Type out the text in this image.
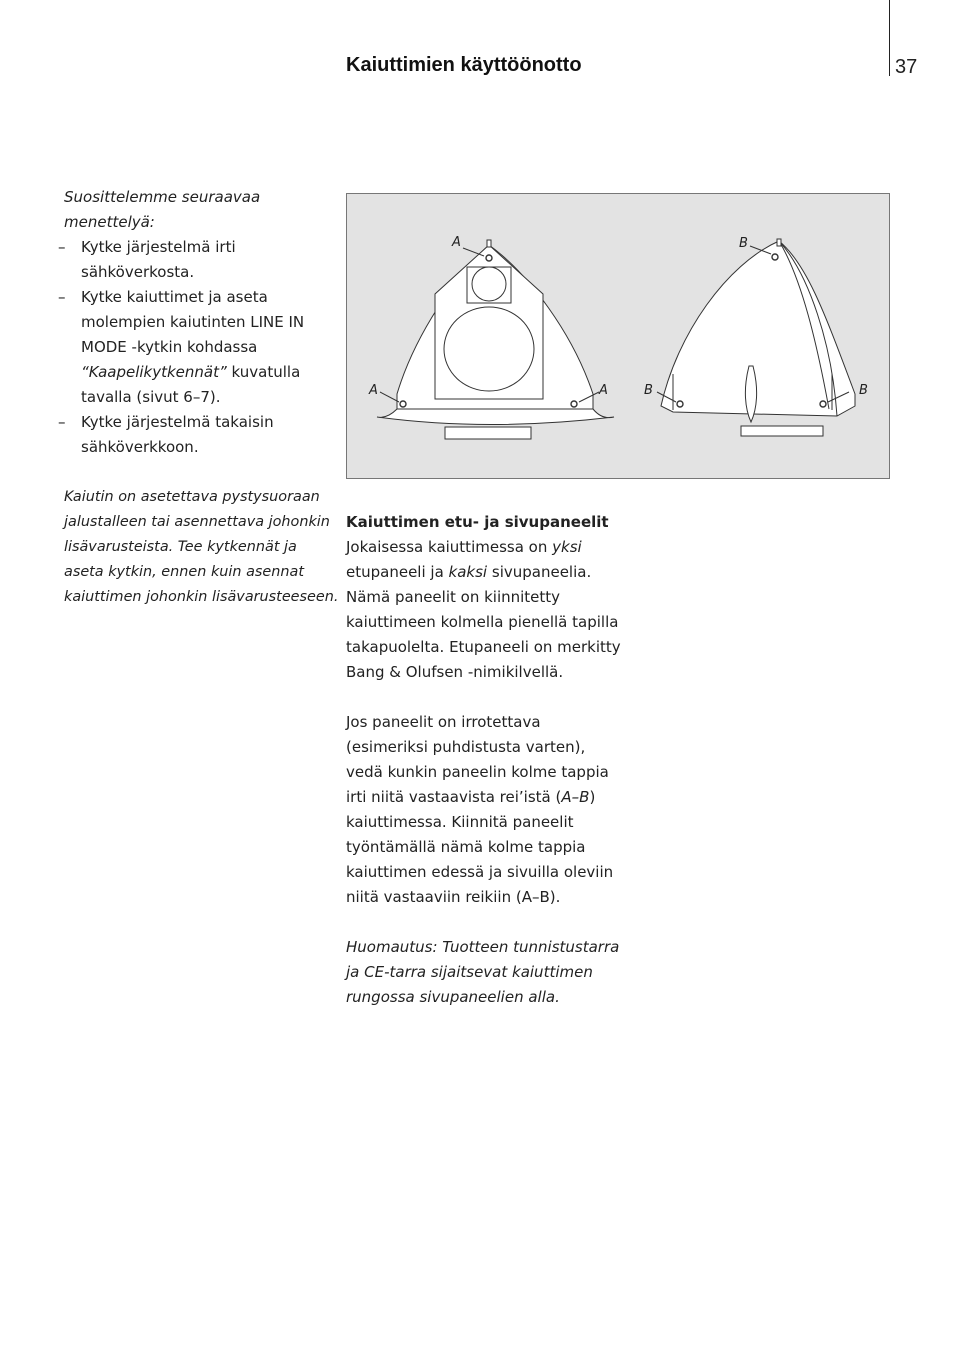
Kaiuttimien käyttöönotto	37

Suosittelemme seuraavaa menettelyä:

– Kytke järjestelmä irti sähköverkosta.
– Kytke kaiuttimet ja aseta molempien kaiutinten LINE IN MODE -kytkin kohdassa “Kaapelikytkennät” kuvatulla tavalla (sivut 6–7).
– Kytke järjestelmä takaisin sähköverkkoon.

Kaiutin on asetettava pystysuoraan jalustalleen tai asennettava johonkin lisävarusteista. Tee kytkennät ja aseta kytkin, ennen kuin asennat kaiuttimen johonkin lisävarusteeseen.

A
A	A
B
B	B
Kaiuttimen etu- ja sivupaneelit

Jokaisessa kaiuttimessa on yksi etupaneeli ja kaksi sivupaneelia. Nämä paneelit on kiinnitetty kaiuttimeen kolmella pienellä tapilla takapuolelta. Etupaneeli on merkitty Bang & Olufsen -nimikilvellä.

Jos paneelit on irrotettava (esimeriksi puhdistusta varten), vedä kunkin paneelin kolme tappia irti niitä vastaavista rei’istä (A–B) kaiuttimessa. Kiinnitä paneelit työntämällä nämä kolme tappia kaiuttimen edessä ja sivuilla oleviin niitä vastaaviin reikiin (A–B).

Huomautus: Tuotteen tunnistustarra ja CE-tarra sijaitsevat kaiuttimen rungossa sivupaneelien alla.
